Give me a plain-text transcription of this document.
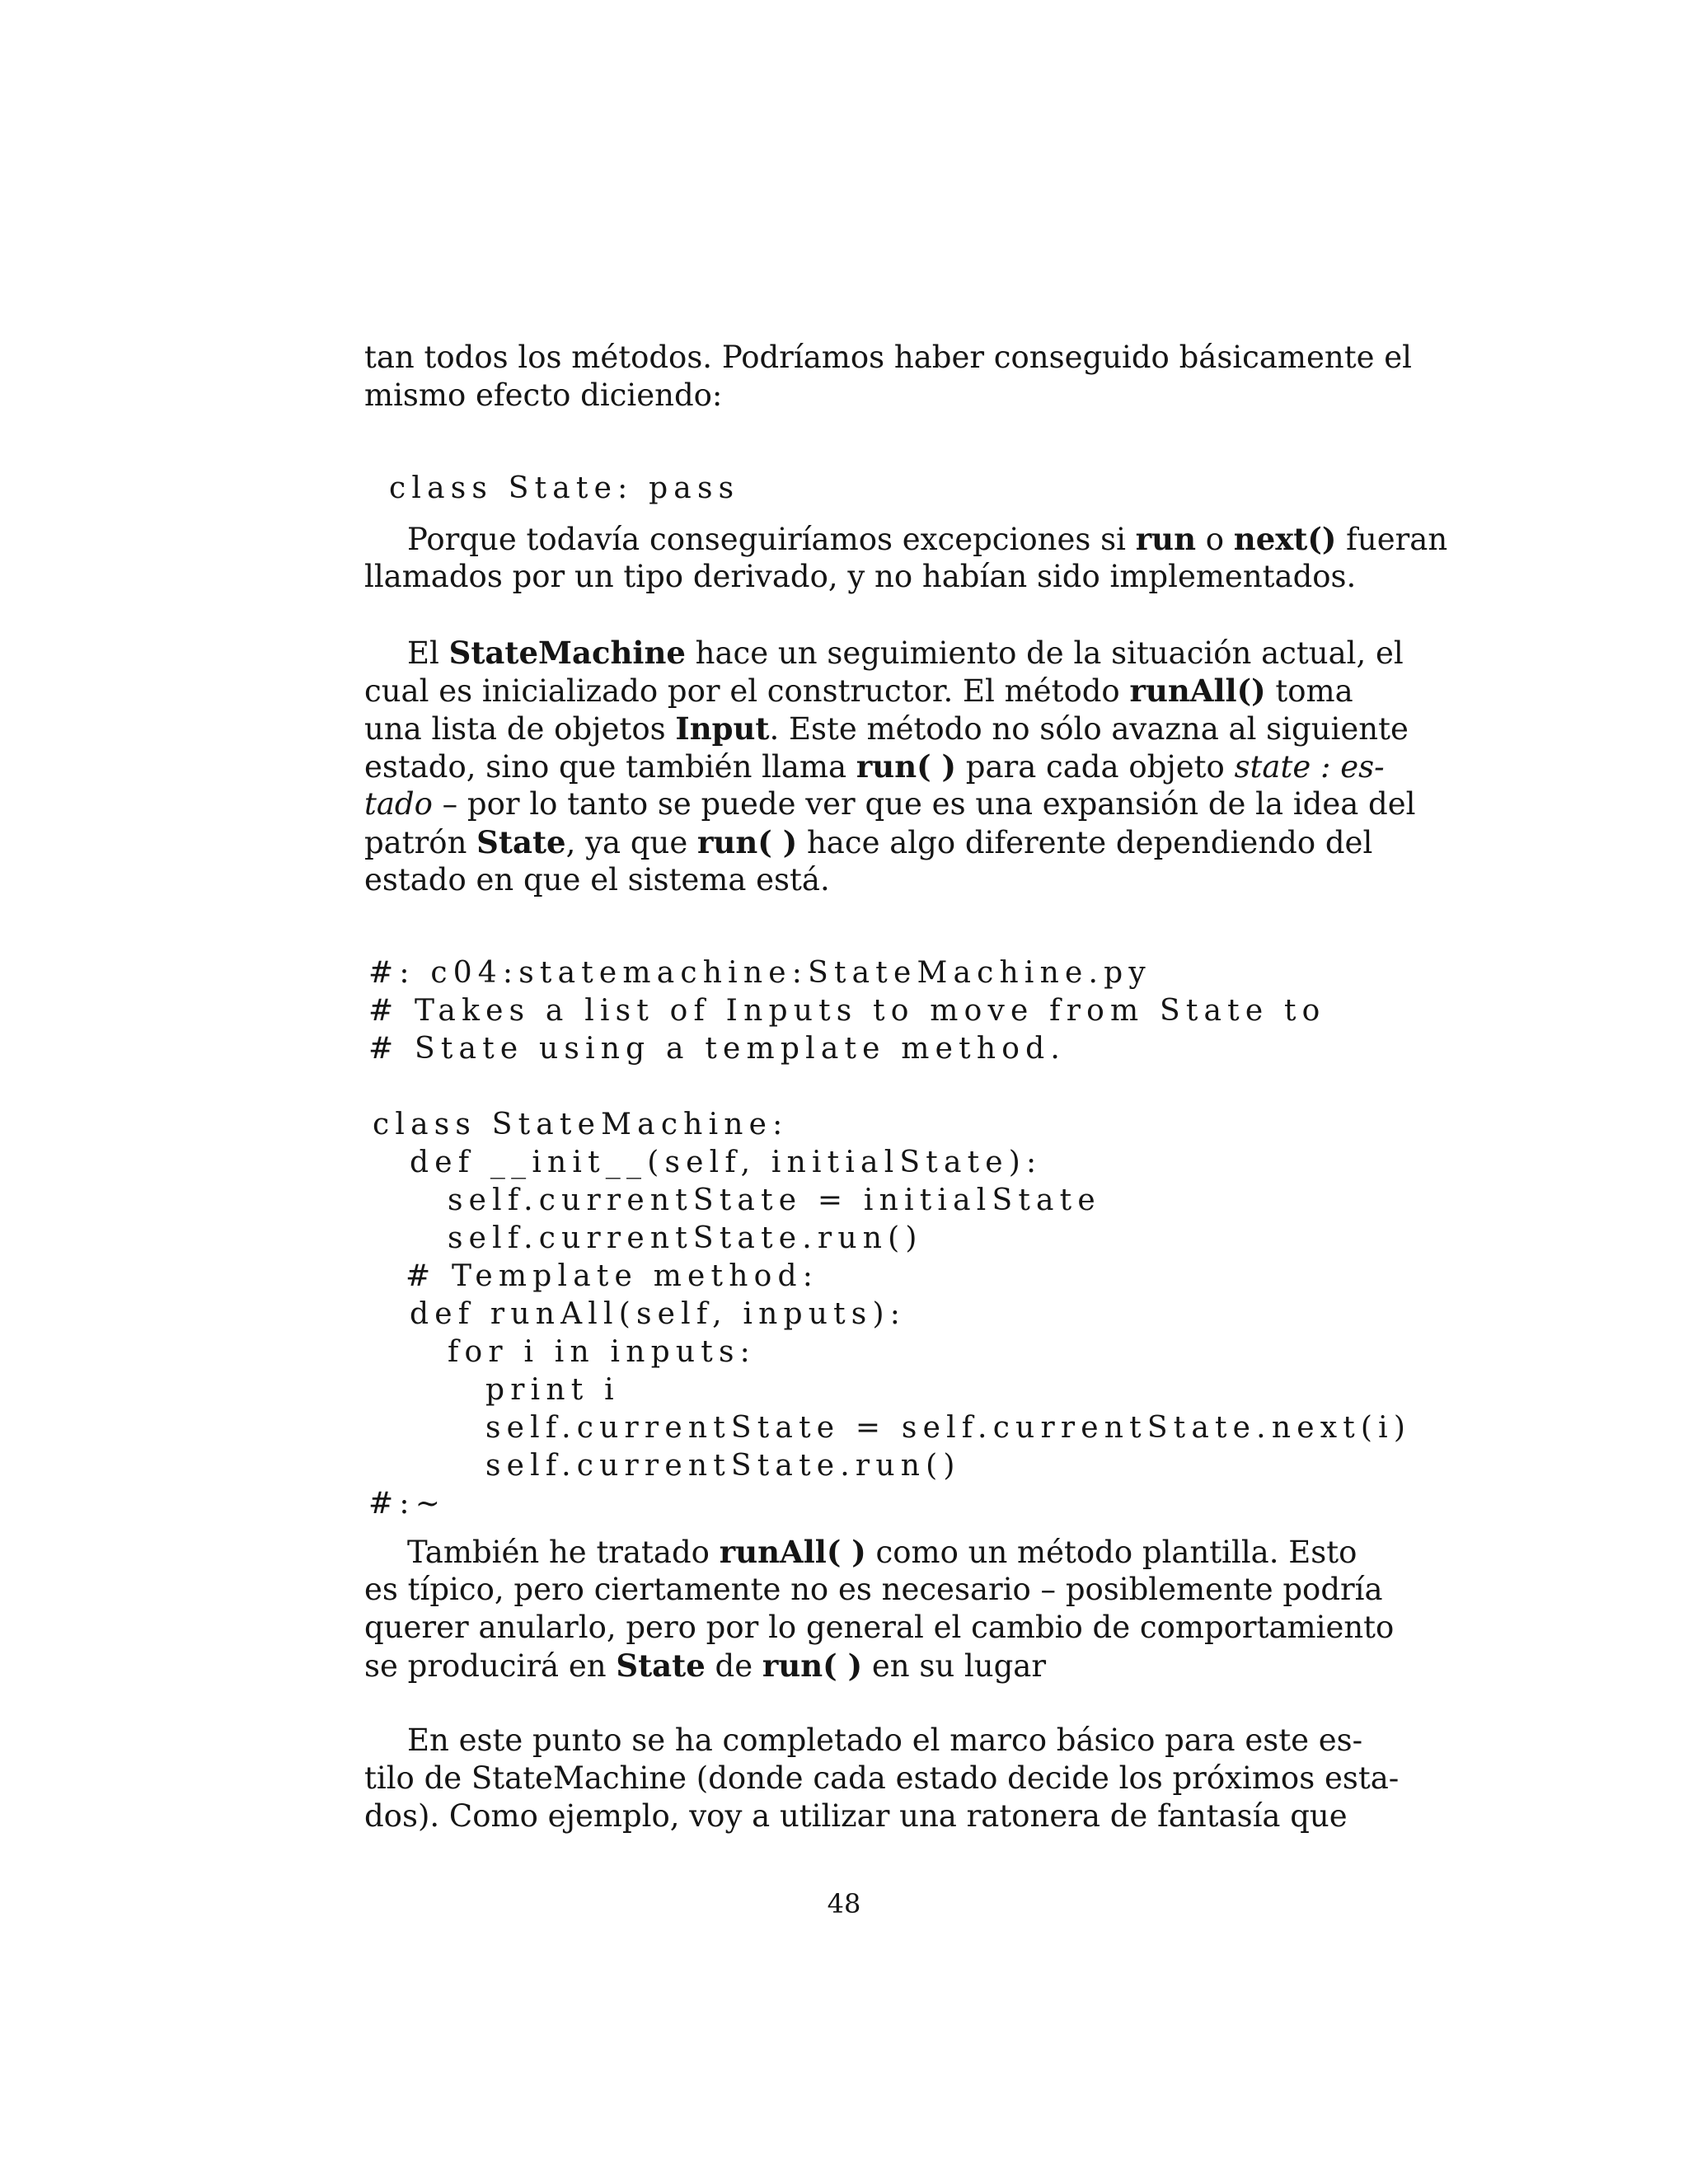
tan todos los métodos. Podríamos haber conseguido básicamente el
mismo efecto diciendo:
class State: pass
Porque todavía conseguiríamos excepciones si run o next() fueran
llamados por un tipo derivado, y no habían sido implementados.
El StateMachine hace un seguimiento de la situación actual, el
cual es inicializado por el constructor. El método runAll() toma
una lista de objetos Input. Este método no sólo avazna al siguiente
estado, sino que también llama run( ) para cada objeto state : es-
tado – por lo tanto se puede ver que es una expansión de la idea del
patrón State, ya que run( ) hace algo diferente dependiendo del
estado en que el sistema está.
#: c04:statemachine:StateMachine.py
# Takes a list of Inputs to move from State to
# State using a template method.
class StateMachine:
def __init__(self, initialState):
self.currentState = initialState
self.currentState.run()
# Template method:
def runAll(self, inputs):
for i in inputs:
print i
self.currentState = self.currentState.next(i)
self.currentState.run()
#:~
También he tratado runAll( ) como un método plantilla. Esto
es típico, pero ciertamente no es necesario – posiblemente podría
querer anularlo, pero por lo general el cambio de comportamiento
se producirá en State de run( ) en su lugar
En este punto se ha completado el marco básico para este es-
tilo de StateMachine (donde cada estado decide los próximos esta-
dos). Como ejemplo, voy a utilizar una ratonera de fantasía que
48
